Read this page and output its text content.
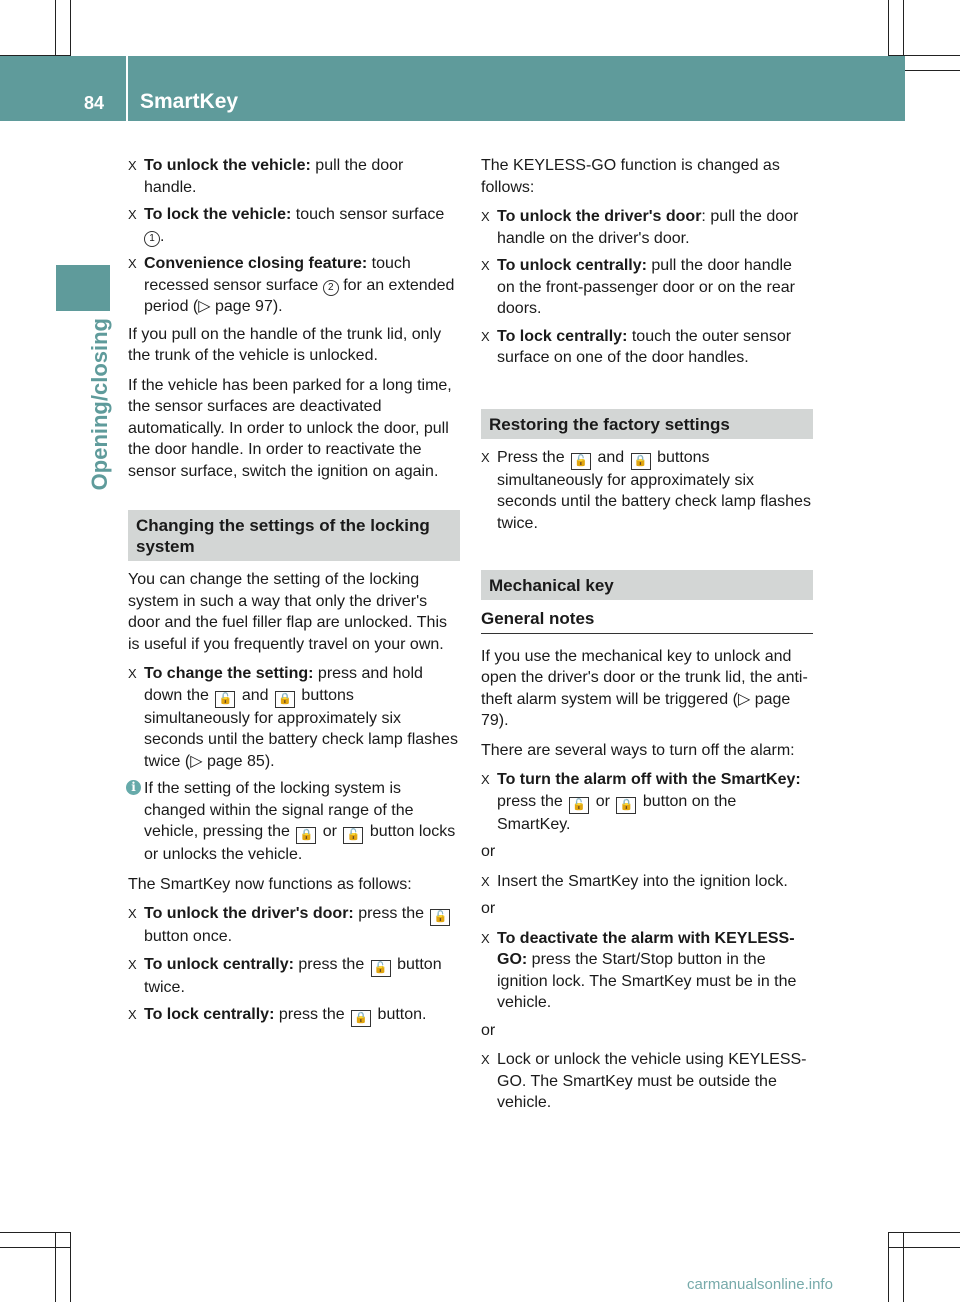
84 SmartKey
Opening/closing
X To unlock the vehicle: pull the door handle.
X To lock the vehicle: touch sensor surface 1 .
X Convenience closing feature: touch recessed sensor surface 2 for an extended period (▷ page 97).

If you pull on the handle of the trunk lid, only the trunk of the vehicle is unlocked.

If the vehicle has been parked for a long time, the sensor surfaces are deactivated automatically. In order to unlock the door, pull the door handle. In order to reactivate the sensor surface, switch the ignition on again.

Changing the settings of the locking system

You can change the setting of the locking system in such a way that only the driver's door and the fuel filler flap are unlocked. This is useful if you frequently travel on your own.

X To change the setting: press and hold down the 🔓 and 🔒 buttons simultaneously for approximately six seconds until the battery check lamp flashes twice (▷ page 85).
i If the setting of the locking system is changed within the signal range of the vehicle, pressing the 🔒 or 🔓 button locks or unlocks the vehicle.

The SmartKey now functions as follows:

X To unlock the driver's door: press the 🔓 button once.
X To unlock centrally: press the 🔓 button twice.
X To lock centrally: press the 🔒 button.

The KEYLESS-GO function is changed as follows:

X To unlock the driver's door: pull the door handle on the driver's door.
X To unlock centrally: pull the door handle on the front-passenger door or on the rear doors.
X To lock centrally: touch the outer sensor surface on one of the door handles.
Restoring the factory settings
X Press the 🔓 and 🔒 buttons simultaneously for approximately six seconds until the battery check lamp flashes twice.
Mechanical key
General notes

If you use the mechanical key to unlock and open the driver's door or the trunk lid, the anti-theft alarm system will be triggered (▷ page 79).

There are several ways to turn off the alarm:

X To turn the alarm off with the SmartKey: press the 🔓 or 🔒 button on the SmartKey.

or

X Insert the SmartKey into the ignition lock.

or

X To deactivate the alarm with KEYLESS-GO: press the Start/Stop button in the ignition lock. The SmartKey must be in the vehicle.

or

X Lock or unlock the vehicle using KEYLESS-GO. The SmartKey must be outside the vehicle.
carmanualsonline.info
